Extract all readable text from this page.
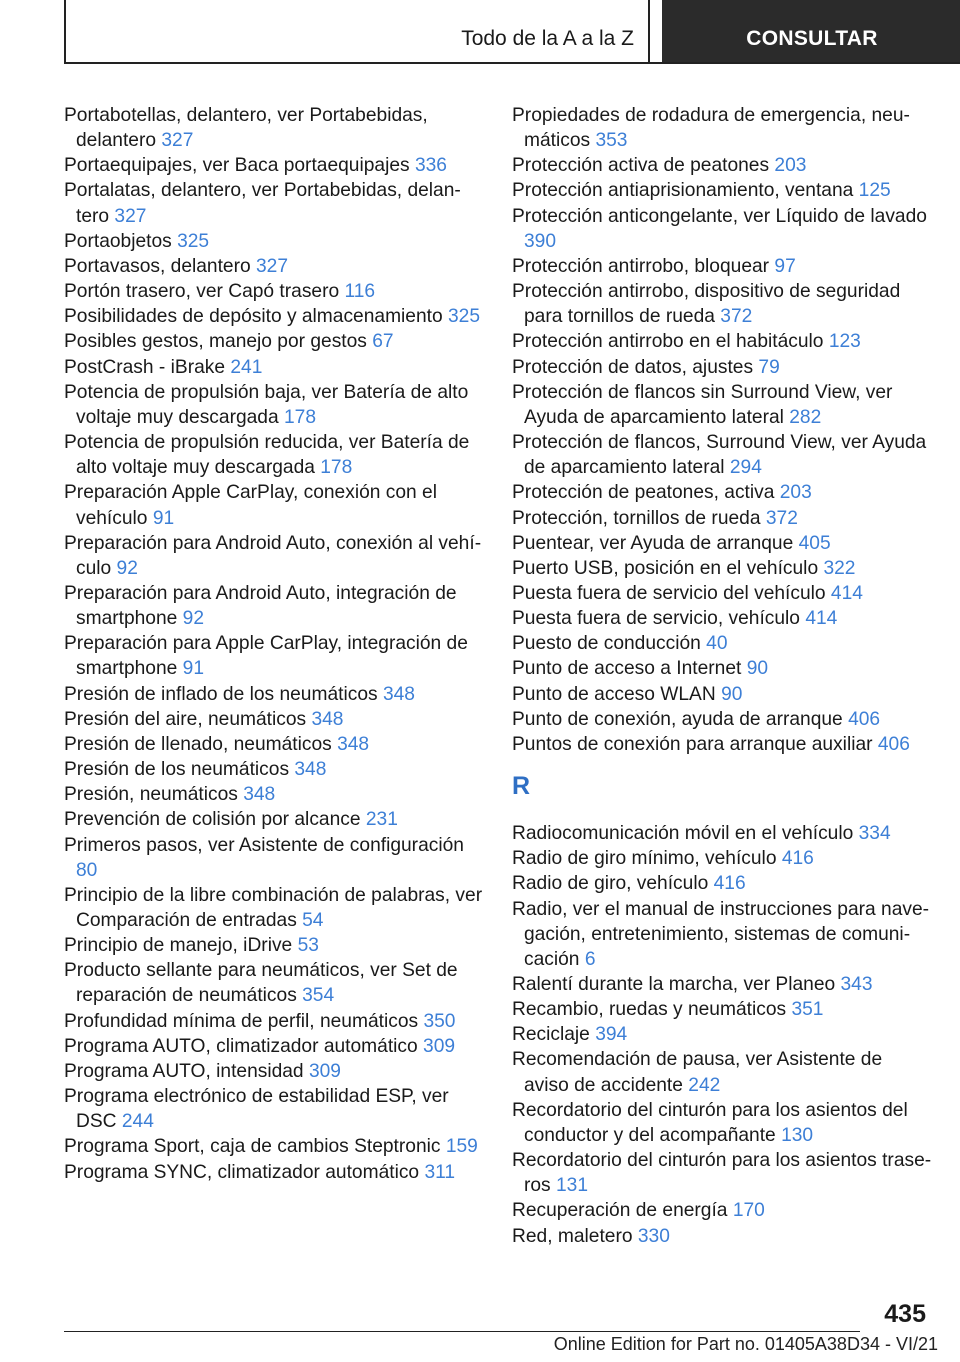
Todo de la A a la Z	CONSULTAR

Portabotellas, delantero, ver Portabebidas, delantero 327

Portaequipajes, ver Baca portaequipajes 336

Portalatas, delantero, ver Portabebidas, delantero 327

Portaobjetos 325

Portavasos, delantero 327

Portón trasero, ver Capó trasero 116

Posibilidades de depósito y almacenamiento 325

Posibles gestos, manejo por gestos 67

PostCrash - iBrake 241

Potencia de propulsión baja, ver Batería de alto voltaje muy descargada 178

Potencia de propulsión reducida, ver Batería de alto voltaje muy descargada 178

Preparación Apple CarPlay, conexión con el vehículo 91

Preparación para Android Auto, conexión al vehículo 92

Preparación para Android Auto, integración de smartphone 92

Preparación para Apple CarPlay, integración de smartphone 91

Presión de inflado de los neumáticos 348

Presión del aire, neumáticos 348

Presión de llenado, neumáticos 348

Presión de los neumáticos 348

Presión, neumáticos 348

Prevención de colisión por alcance 231

Primeros pasos, ver Asistente de configuración 80

Principio de la libre combinación de palabras, ver Comparación de entradas 54

Principio de manejo, iDrive 53

Producto sellante para neumáticos, ver Set de reparación de neumáticos 354

Profundidad mínima de perfil, neumáticos 350

Programa AUTO, climatizador automático 309

Programa AUTO, intensidad 309

Programa electrónico de estabilidad ESP, ver DSC 244

Programa Sport, caja de cambios Steptronic 159

Programa SYNC, climatizador automático 311

Propiedades de rodadura de emergencia, neumáticos 353

Protección activa de peatones 203

Protección antiaprisionamiento, ventana 125

Protección anticongelante, ver Líquido de lavado 390

Protección antirrobo, bloquear 97

Protección antirrobo, dispositivo de seguridad para tornillos de rueda 372

Protección antirrobo en el habitáculo 123

Protección de datos, ajustes 79

Protección de flancos sin Surround View, ver Ayuda de aparcamiento lateral 282

Protección de flancos, Surround View, ver Ayuda de aparcamiento lateral 294

Protección de peatones, activa 203

Protección, tornillos de rueda 372

Puentear, ver Ayuda de arranque 405

Puerto USB, posición en el vehículo 322

Puesta fuera de servicio del vehículo 414

Puesta fuera de servicio, vehículo 414

Puesto de conducción 40

Punto de acceso a Internet 90

Punto de acceso WLAN 90

Punto de conexión, ayuda de arranque 406

Puntos de conexión para arranque auxiliar 406

R

Radiocomunicación móvil en el vehículo 334

Radio de giro mínimo, vehículo 416

Radio de giro, vehículo 416

Radio, ver el manual de instrucciones para navegación, entretenimiento, sistemas de comunicación 6

Ralentí durante la marcha, ver Planeo 343

Recambio, ruedas y neumáticos 351

Reciclaje 394

Recomendación de pausa, ver Asistente de aviso de accidente 242

Recordatorio del cinturón para los asientos del conductor y del acompañante 130

Recordatorio del cinturón para los asientos traseros 131

Recuperación de energía 170

Red, maletero 330

435
Online Edition for Part no. 01405A38D34 - VI/21
